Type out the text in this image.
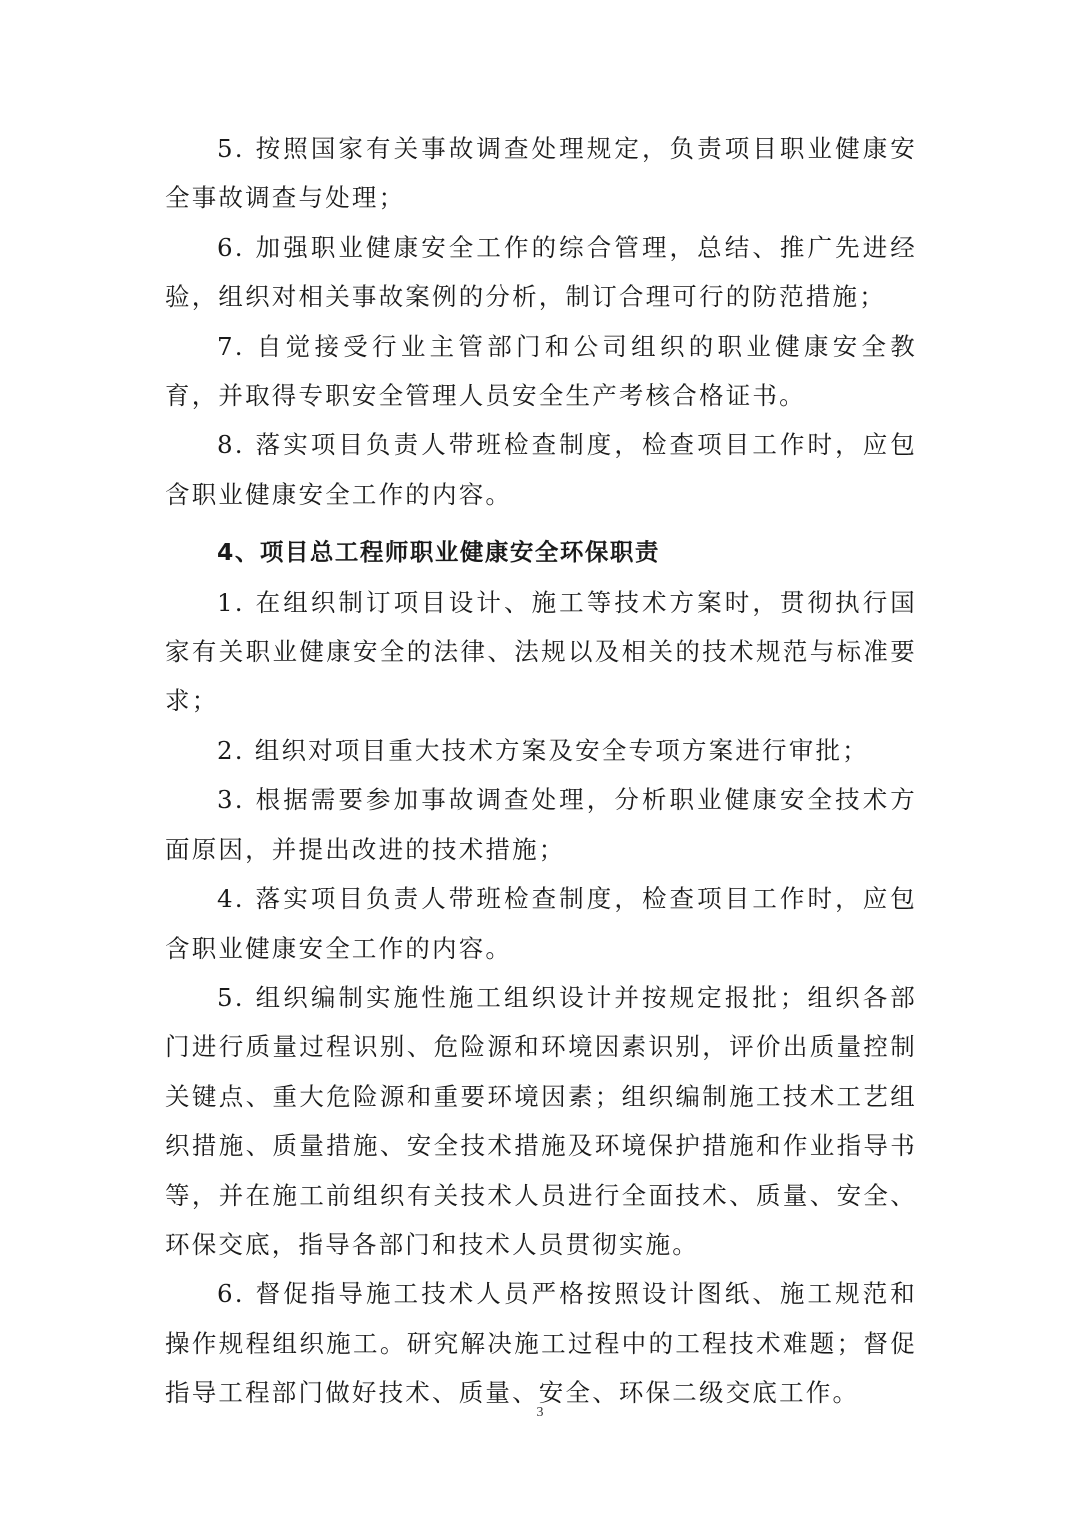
5. 按照国家有关事故调查处理规定，负责项目职业健康安全事故调查与处理；

6. 加强职业健康安全工作的综合管理，总结、推广先进经验，组织对相关事故案例的分析，制订合理可行的防范措施；

7. 自觉接受行业主管部门和公司组织的职业健康安全教育，并取得专职安全管理人员安全生产考核合格证书。

8. 落实项目负责人带班检查制度，检查项目工作时，应包含职业健康安全工作的内容。

4、项目总工程师职业健康安全环保职责

1. 在组织制订项目设计、施工等技术方案时，贯彻执行国家有关职业健康安全的法律、法规以及相关的技术规范与标准要求；

2. 组织对项目重大技术方案及安全专项方案进行审批；

3. 根据需要参加事故调查处理，分析职业健康安全技术方面原因，并提出改进的技术措施；

4. 落实项目负责人带班检查制度，检查项目工作时，应包含职业健康安全工作的内容。

5. 组织编制实施性施工组织设计并按规定报批；组织各部门进行质量过程识别、危险源和环境因素识别，评价出质量控制关键点、重大危险源和重要环境因素；组织编制施工技术工艺组织措施、质量措施、安全技术措施及环境保护措施和作业指导书等，并在施工前组织有关技术人员进行全面技术、质量、安全、环保交底，指导各部门和技术人员贯彻实施。

6. 督促指导施工技术人员严格按照设计图纸、施工规范和操作规程组织施工。研究解决施工过程中的工程技术难题；督促指导工程部门做好技术、质量、安全、环保二级交底工作。

3
